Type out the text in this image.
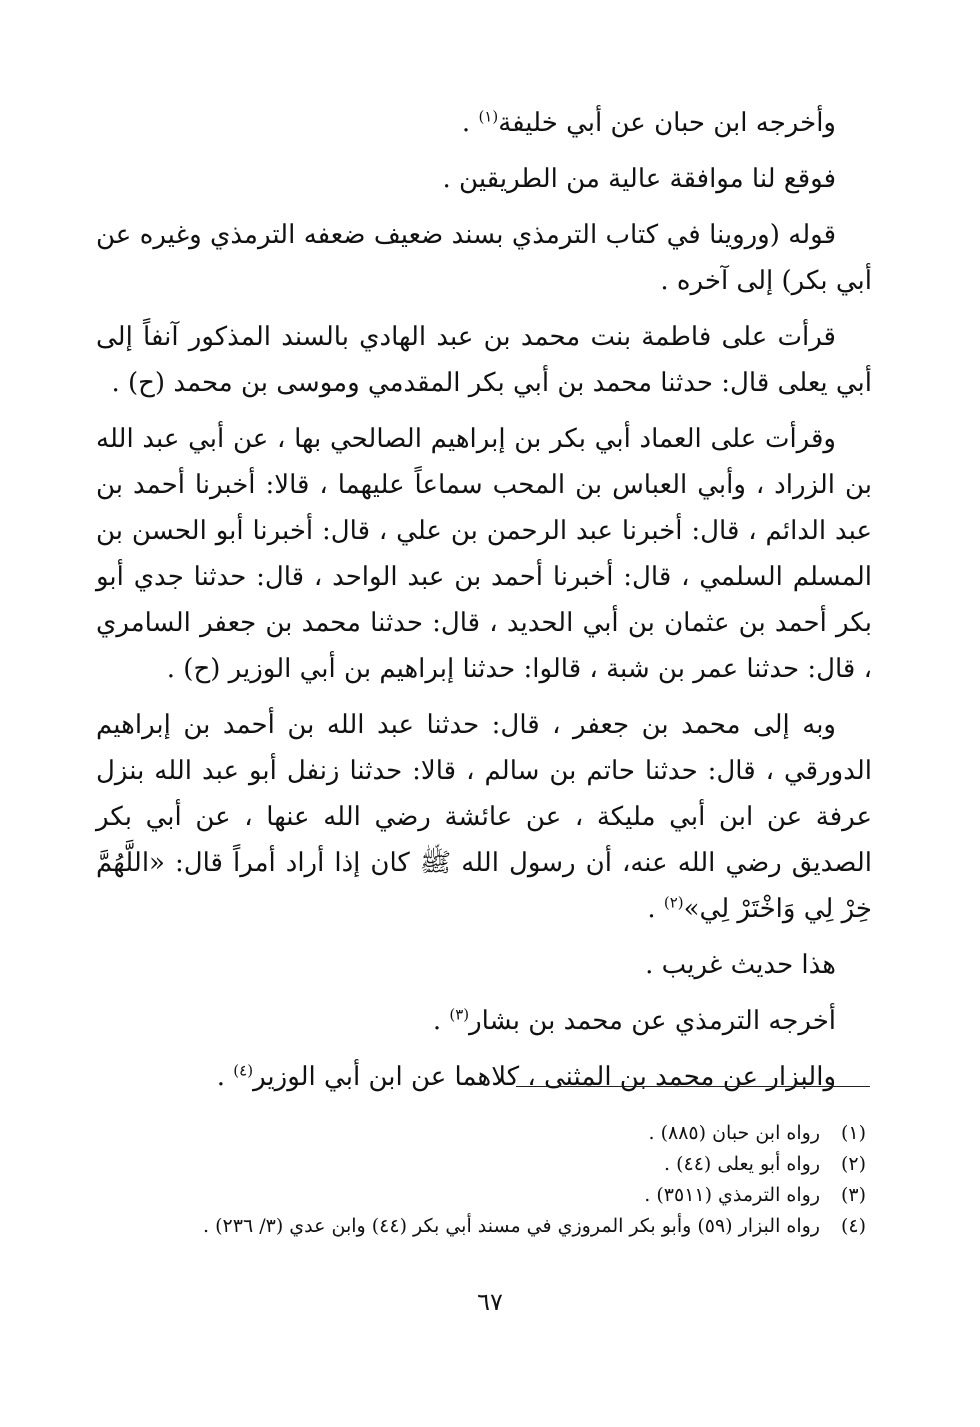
وأخرجه ابن حبان عن أبي خليفة$^{(١)}$ .

فوقع لنا موافقة عالية من الطريقين .

قوله (وروينا في كتاب الترمذي بسند ضعيف ضعفه الترمذي وغيره عن أبي بكر) إلى آخره .

قرأت على فاطمة بنت محمد بن عبد الهادي بالسند المذكور آنفاً إلى أبي يعلى قال: حدثنا محمد بن أبي بكر المقدمي وموسى بن محمد (ح) .

وقرأت على العماد أبي بكر بن إبراهيم الصالحي بها ، عن أبي عبد الله بن الزراد ، وأبي العباس بن المحب سماعاً عليهما ، قالا: أخبرنا أحمد بن عبد الدائم ، قال: أخبرنا عبد الرحمن بن علي ، قال: أخبرنا أبو الحسن بن المسلم السلمي ، قال: أخبرنا أحمد بن عبد الواحد ، قال: حدثنا جدي أبو بكر أحمد بن عثمان بن أبي الحديد ، قال: حدثنا محمد بن جعفر السامري ، قال: حدثنا عمر بن شبة ، قالوا: حدثنا إبراهيم بن أبي الوزير (ح) .

وبه إلى محمد بن جعفر ، قال: حدثنا عبد الله بن أحمد بن إبراهيم الدورقي ، قال: حدثنا حاتم بن سالم ، قالا: حدثنا زنفل أبو عبد الله بنزل عرفة عن ابن أبي مليكة ، عن عائشة رضي الله عنها ، عن أبي بكر الصديق رضي الله عنه، أن رسول الله ﷺ كان إذا أراد أمراً قال: «اللَّهُمَّ خِرْ لِي وَاخْتَرْ لِي»$^{(٢)}$ .

هذا حديث غريب .

أخرجه الترمذي عن محمد بن بشار$^{(٣)}$ .

والبزار عن محمد بن المثنى ، كلاهما عن ابن أبي الوزير$^{(٤)}$ .

(١)رواه ابن حبان (٨٨٥) .

(٢)رواه أبو يعلى (٤٤) .

(٣)رواه الترمذي (٣٥١١) .

(٤)رواه البزار (٥٩) وأبو بكر المروزي في مسند أبي بكر (٤٤) وابن عدي (٣/ ٢٣٦) .

٦٧
